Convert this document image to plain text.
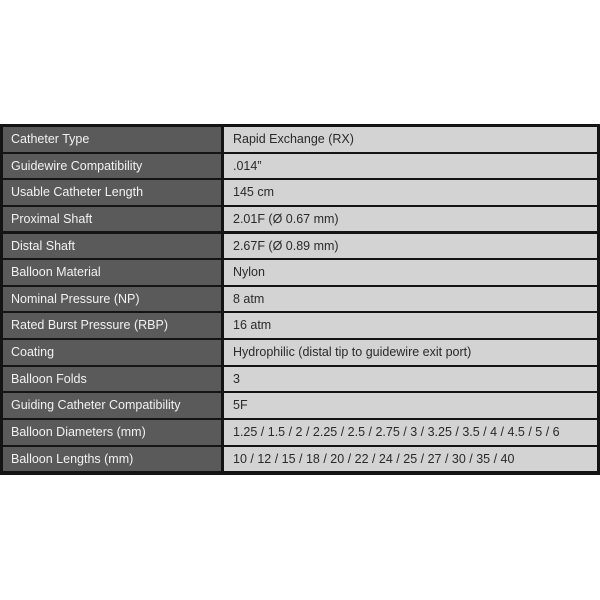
Catheter Type	Rapid Exchange (RX)
Guidewire Compatibility	.014”
Usable Catheter Length	145 cm
Proximal Shaft	2.01F (Ø 0.67 mm)
Distal Shaft	2.67F (Ø 0.89 mm)
Balloon Material	Nylon
Nominal Pressure (NP)	8 atm
Rated Burst Pressure (RBP)	16 atm
Coating	Hydrophilic (distal tip to guidewire exit port)
Balloon Folds	3
Guiding Catheter Compatibility	5F
Balloon Diameters (mm)	1.25 / 1.5 / 2 / 2.25 / 2.5 / 2.75 / 3 / 3.25 / 3.5 / 4 / 4.5 / 5 / 6
Balloon Lengths (mm)	10 / 12 / 15 / 18 / 20 / 22 / 24 / 25 / 27 / 30 / 35 / 40
